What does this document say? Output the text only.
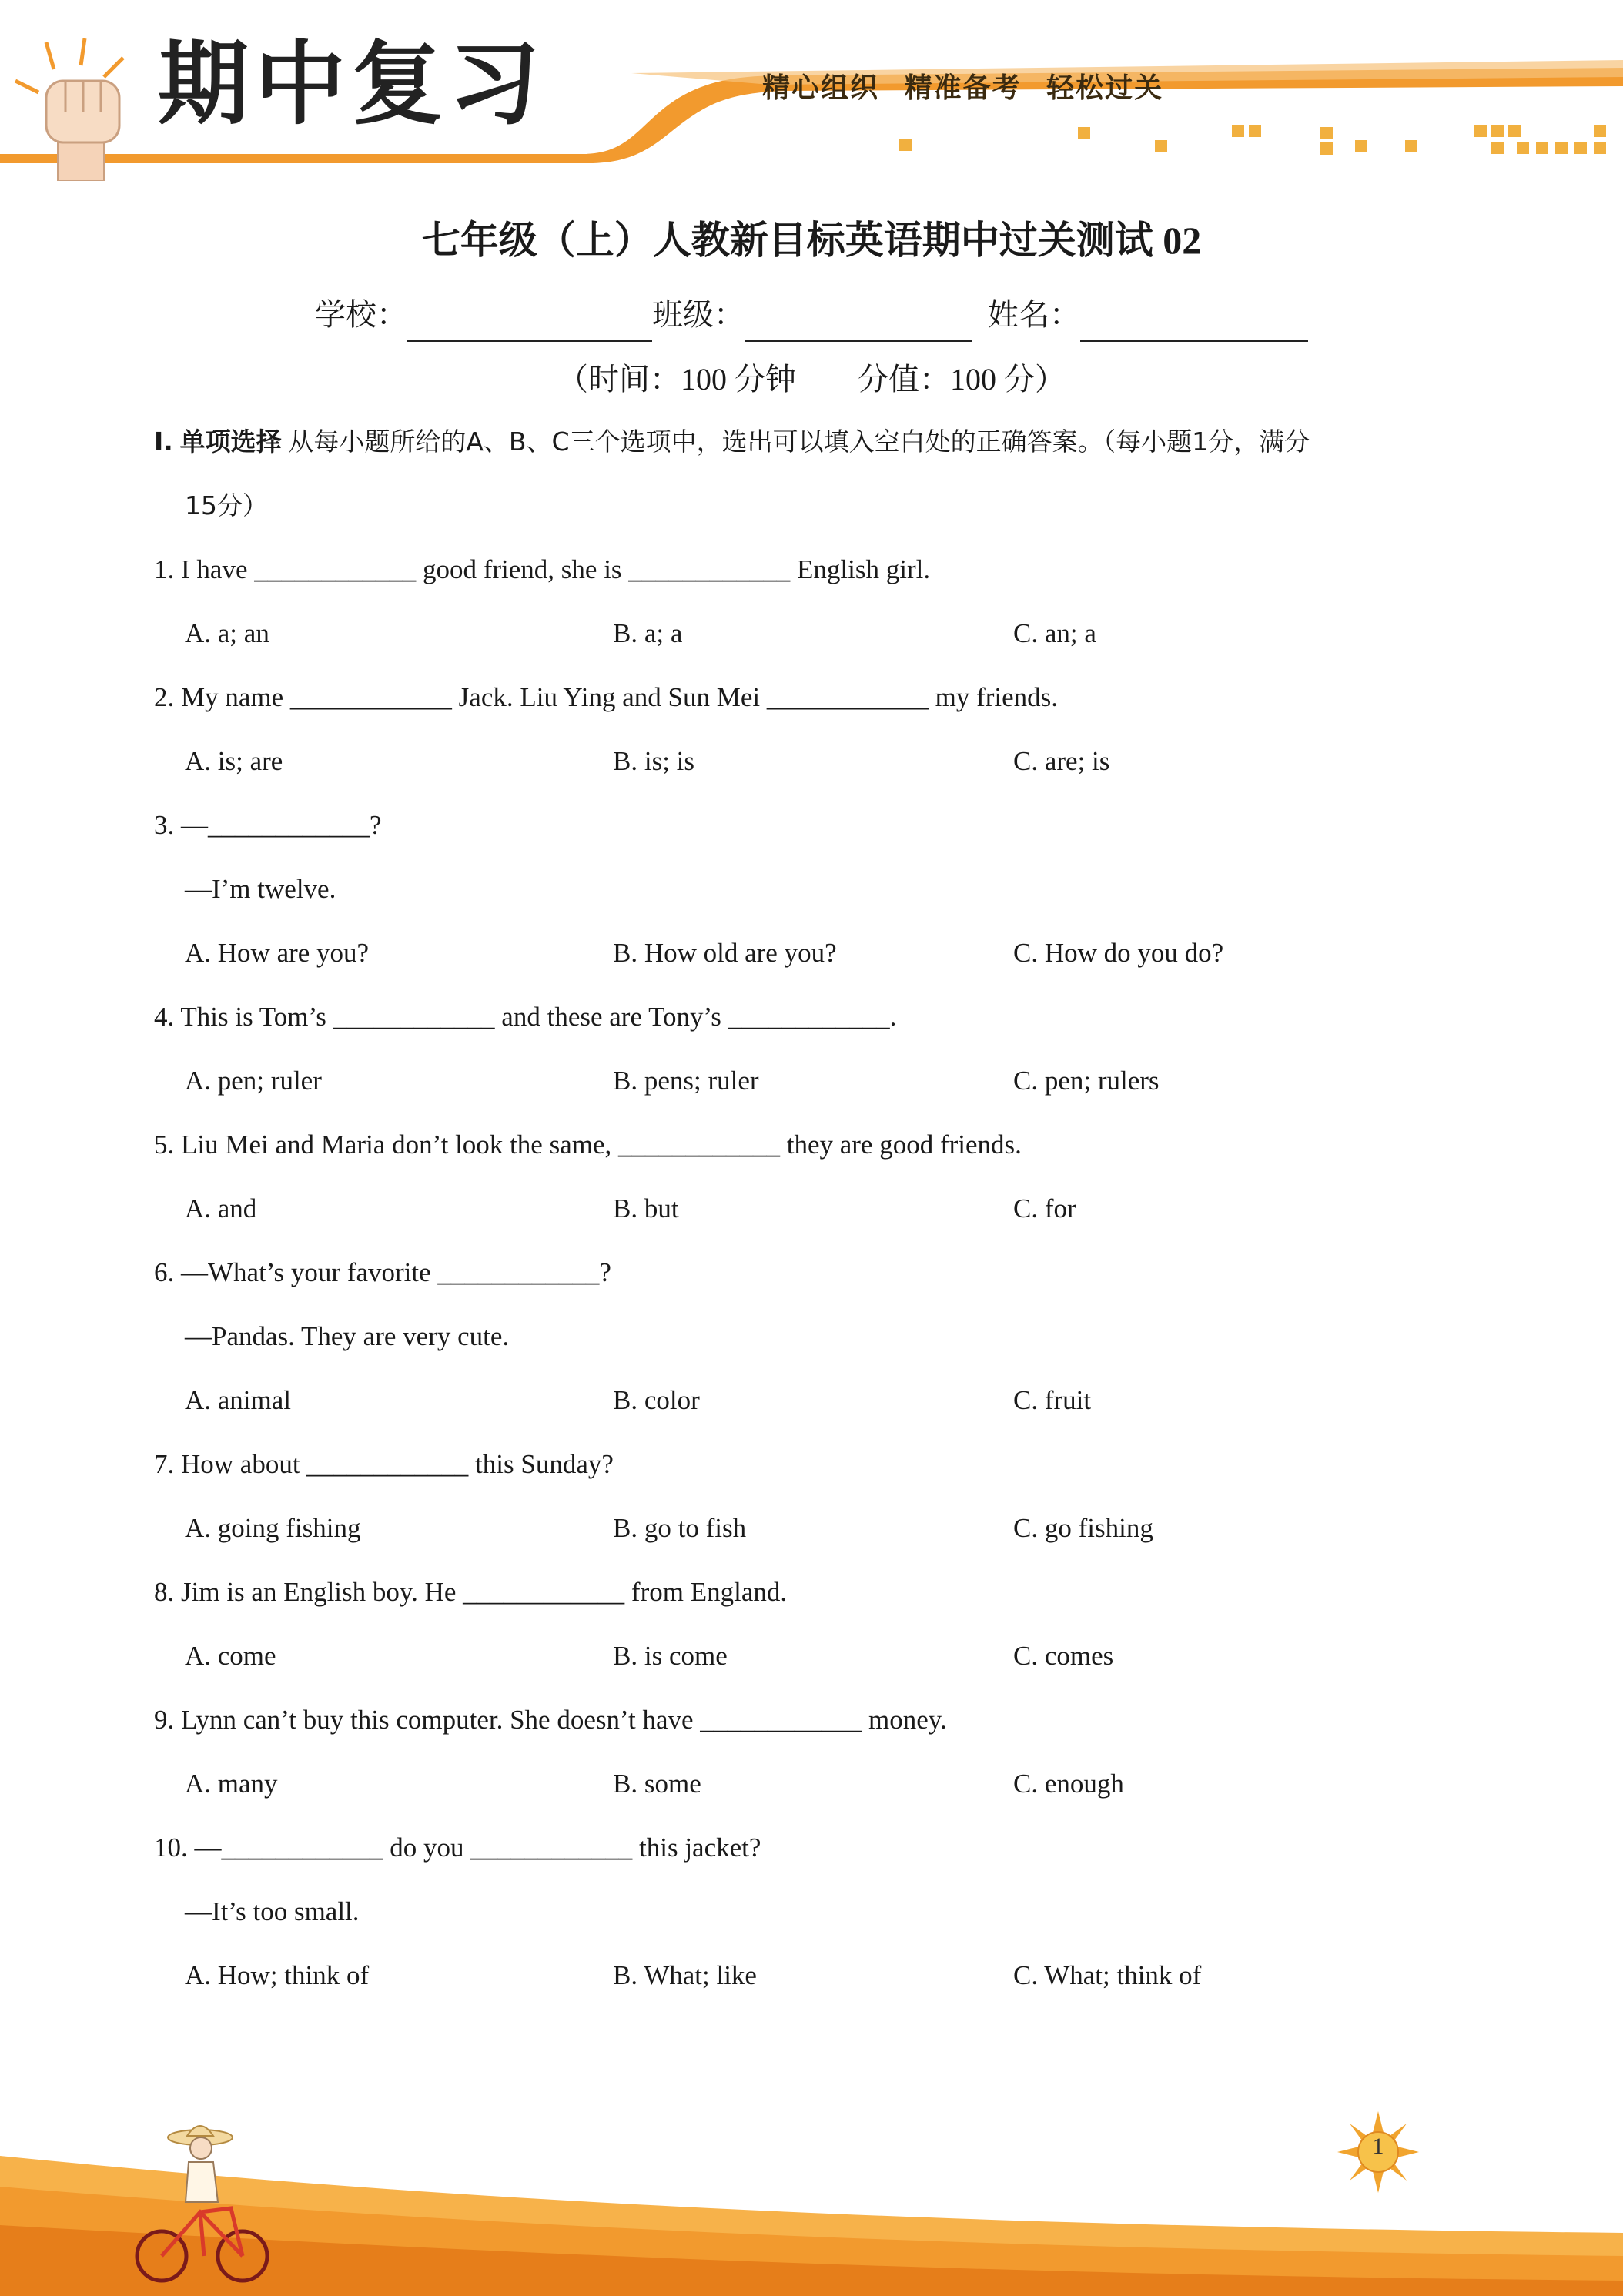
期中复习	精心组织 精准备考 轻松过关
七年级（上）人教新目标英语期中过关测试 02
学校：	班级：	姓名：
（时间：100 分钟        分值：100 分）
I. 单项选择 从每小题所给的A、B、C三个选项中，选出可以填入空白处的正确答案。（每小题1分，满分
15分）
1. I have ____________ good friend, she is ____________ English girl.
A. a; an	B. a; a	C. an; a
2. My name ____________ Jack. Liu Ying and Sun Mei ____________ my friends.
A. is; are	B. is; is	C. are; is
3. —____________?
—I’m twelve.
A. How are you?	B. How old are you?	C. How do you do?
4. This is Tom’s ____________ and these are Tony’s ____________.
A. pen; ruler	B. pens; ruler	C. pen; rulers
5. Liu Mei and Maria don’t look the same, ____________ they are good friends.
A. and	B. but	C. for
6. —What’s your favorite ____________?
—Pandas. They are very cute.
A. animal	B. color	C. fruit
7. How about ____________ this Sunday?
A. going fishing	B. go to fish	C. go fishing
8. Jim is an English boy. He ____________ from England.
A. come	B. is come	C. comes
9. Lynn can’t buy this computer. She doesn’t have ____________ money.
A. many	B. some	C. enough
10. —____________ do you ____________ this jacket?
—It’s too small.
A. How; think of	B. What; like	C. What; think of
1
